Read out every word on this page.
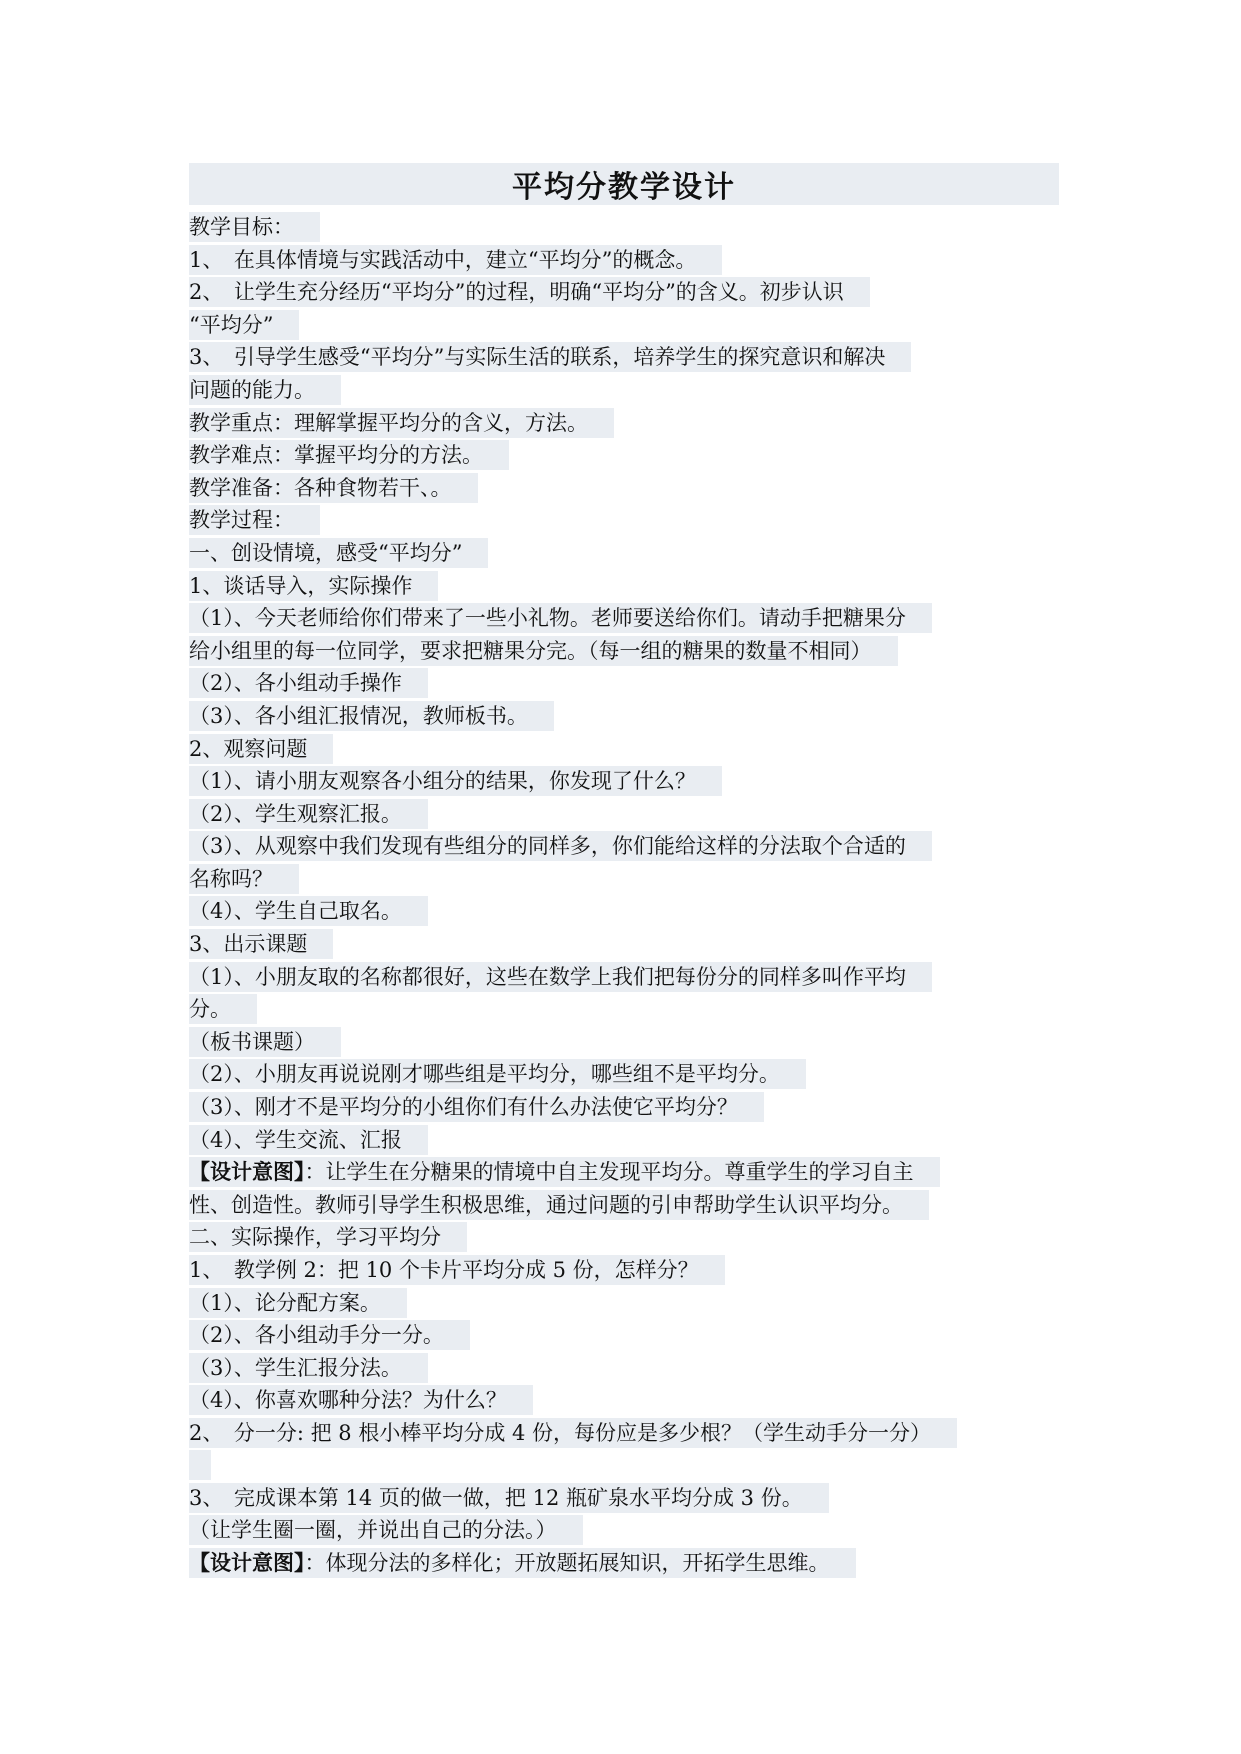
平均分教学设计
教学目标：
1、　在具体情境与实践活动中，建立“平均分”的概念。
2、　让学生充分经历“平均分”的过程，明确“平均分”的含义。初步认识
“平均分”
3、　引导学生感受“平均分”与实际生活的联系，培养学生的探究意识和解决
问题的能力。
教学重点：理解掌握平均分的含义，方法。
教学难点：掌握平均分的方法。
教学准备：各种食物若干、。
教学过程：
一、创设情境，感受“平均分”
1、谈话导入，实际操作
（1）、今天老师给你们带来了一些小礼物。老师要送给你们。请动手把糖果分
给小组里的每一位同学，要求把糖果分完。（每一组的糖果的数量不相同）
（2）、各小组动手操作
（3）、各小组汇报情况，教师板书。
2、观察问题
（1）、请小朋友观察各小组分的结果，你发现了什么？
（2）、学生观察汇报。
（3）、从观察中我们发现有些组分的同样多，你们能给这样的分法取个合适的
名称吗？
（4）、学生自己取名。
3、出示课题
（1）、小朋友取的名称都很好，这些在数学上我们把每份分的同样多叫作平均
分。
（板书课题）
（2）、小朋友再说说刚才哪些组是平均分，哪些组不是平均分。
（3）、刚才不是平均分的小组你们有什么办法使它平均分？
（4）、学生交流、汇报
【设计意图】：让学生在分糖果的情境中自主发现平均分。尊重学生的学习自主
性、创造性。教师引导学生积极思维，通过问题的引申帮助学生认识平均分。
二、实际操作，学习平均分
1、　教学例 2：把 10 个卡片平均分成 5 份，怎样分？
（1）、论分配方案。
（2）、各小组动手分一分。
（3）、学生汇报分法。
（4）、你喜欢哪种分法？为什么？
2、　分一分: 把 8 根小棒平均分成 4 份，每份应是多少根？（学生动手分一分）
3、　完成课本第 14 页的做一做，把 12 瓶矿泉水平均分成 3 份。
（让学生圈一圈，并说出自己的分法。）
【设计意图】：体现分法的多样化；开放题拓展知识，开拓学生思维。
